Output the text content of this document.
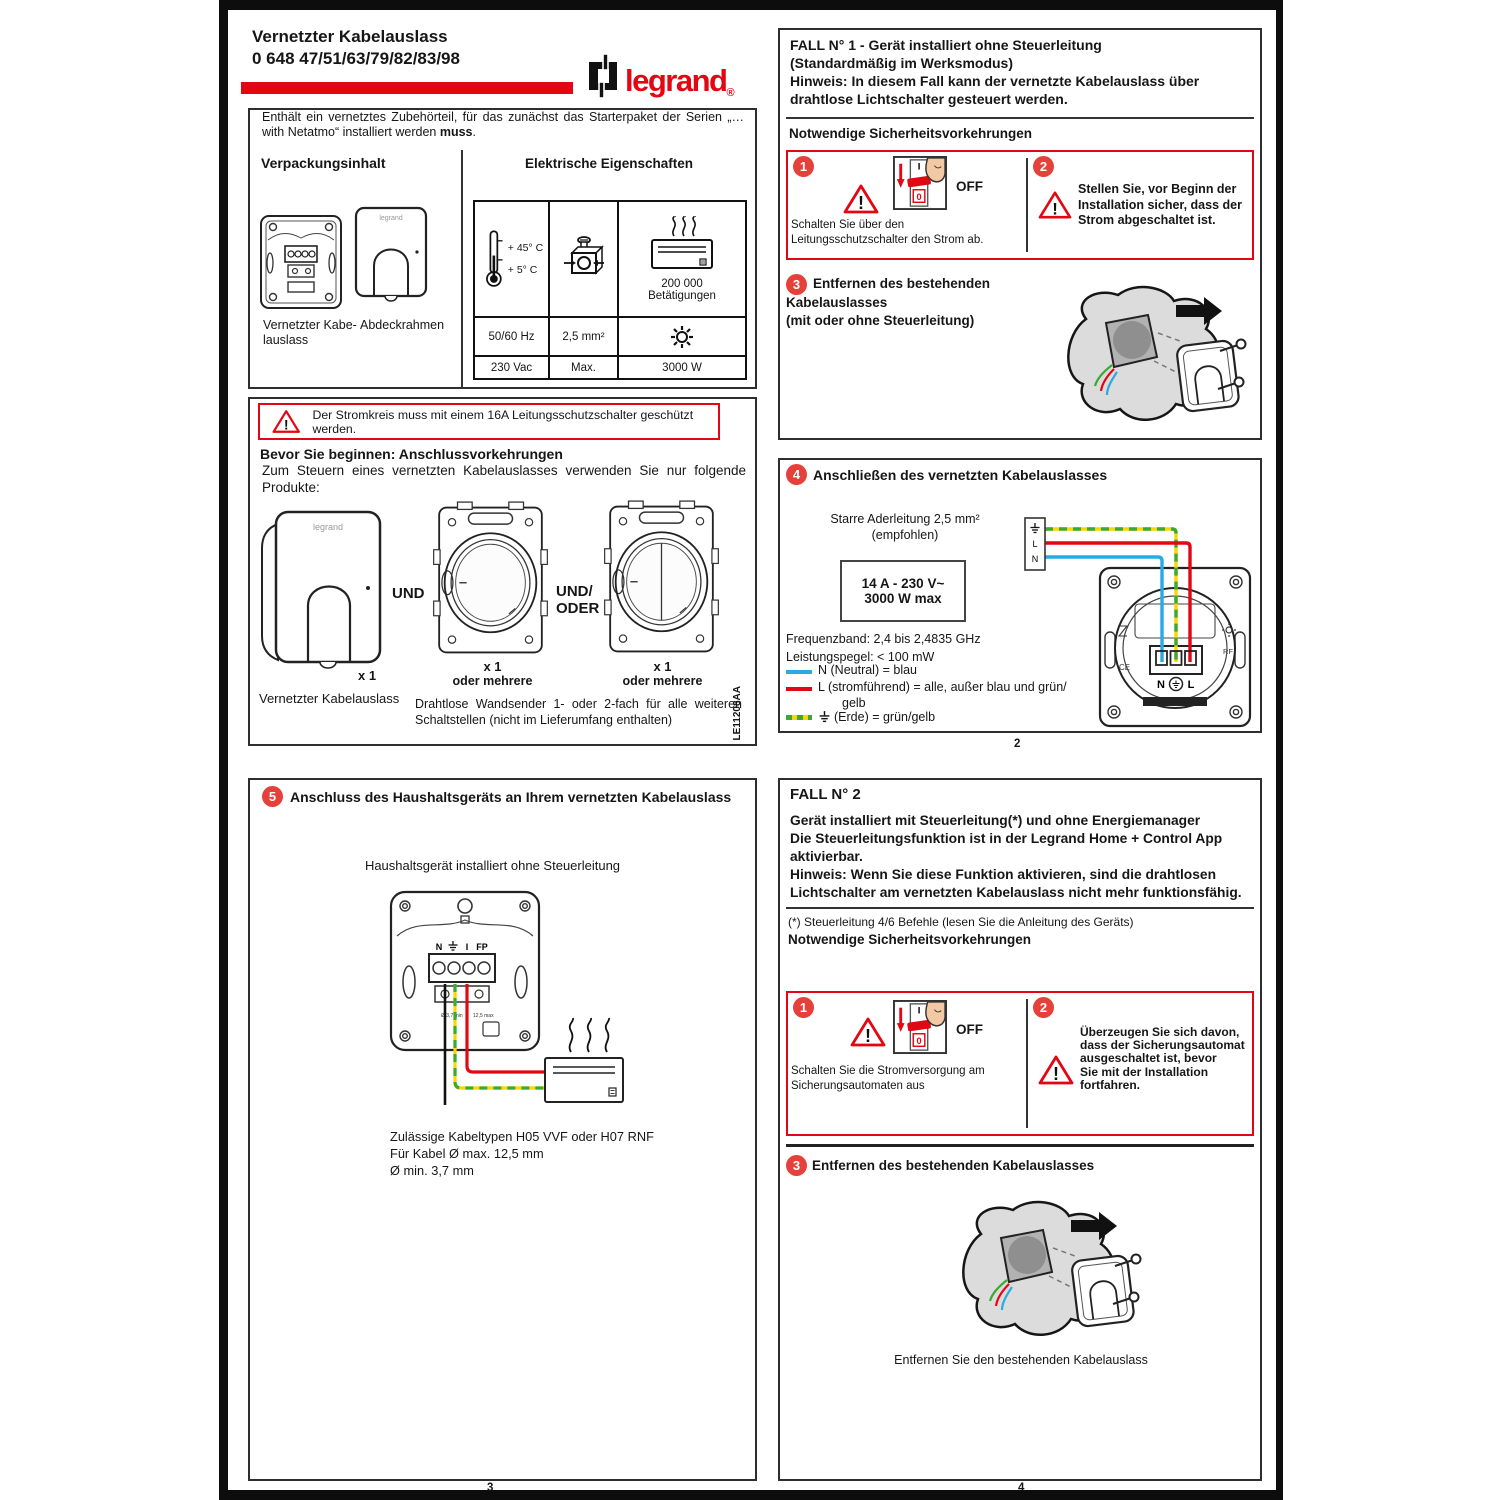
Vernetzter Kabelauslass
0 648 47/51/63/79/82/83/98
legrand ®

Enthält ein vernetztes Zubehörteil, für das zunächst das Starterpaket der Serien „… with Netatmo“ installiert werden muss.

Verpackungsinhalt	Elektrische Eigenschaften
+ 45° C
+ 5° C
200 000
Betätigungen
50/60 Hz	2,5 mm²
230 Vac	Max.	3000 W
legrand
Vernetzter Kabe-
lauslass
Abdeckrahmen
!
Der Stromkreis muss mit einem 16A Leitungsschutzschalter geschützt werden.
Bevor Sie beginnen: Anschlussvorkehrungen
Zum Steuern eines vernetzten Kabelauslasses verwenden Sie nur folgende Produkte:
legrand
UND	UND/
ODER
x 1
Vernetzter Kabelauslass
x 1
oder mehrere
x 1
oder mehrere
Drahtlose Wandsender 1- oder 2-fach für alle weiteren Schaltstellen (nicht im Lieferumfang enthalten)	LE11208AA
5 Anschluss des Haushaltsgeräts an Ihrem vernetzten Kabelauslass
Haushaltsgerät installiert ohne Steuerleitung
N	I FP
Ø 3,7 min 12,5 max
Zulässige Kabeltypen H05 VVF oder H07 RNF
Für Kabel Ø max. 12,5 mm
Ø min. 3,7 mm
3
FALL N° 1 - Gerät installiert ohne Steuerleitung
(Standardmäßig im Werksmodus)
Hinweis: In diesem Fall kann der vernetzte Kabelauslass über
drahtlose Lichtschalter gesteuert werden.
Notwendige Sicherheitsvorkehrungen
1
!
I
0
OFF
Schalten Sie über den
Leitungsschutzschalter den Strom ab.
2
!
Stellen Sie, vor Beginn der
Installation sicher, dass der
Strom abgeschaltet ist.
3 Entfernen des bestehenden
Kabelauslasses
(mit oder ohne Steuerleitung)
4 Anschließen des vernetzten Kabelauslasses
Starre Aderleitung 2,5 mm²
(empfohlen)
14 A - 230 V~
3000 W max
Frequenzband: 2,4 bis 2,4835 GHz
Leistungspegel: < 100 mW
N (Neutral) = blau
L (stromführend) = alle, außer blau und grün/
gelb
(Erde) = grün/gelb
CE
RF
N L
L
N
2
FALL N° 2
Gerät installiert mit Steuerleitung(*) und ohne Energiemanager
Die Steuerleitungsfunktion ist in der Legrand Home + Control App
aktivierbar.
Hinweis: Wenn Sie diese Funktion aktivieren, sind die drahtlosen
Lichtschalter am vernetzten Kabelauslass nicht mehr funktionsfähig.
(*) Steuerleitung 4/6 Befehle (lesen Sie die Anleitung des Geräts)
Notwendige Sicherheitsvorkehrungen
1
!
I
0
OFF
Schalten Sie die Stromversorgung am
Sicherungsautomaten aus
2
!
Überzeugen Sie sich davon,
dass der Sicherungsautomat
ausgeschaltet ist, bevor
Sie mit der Installation
fortfahren.
3 Entfernen des bestehenden Kabelauslasses
Entfernen Sie den bestehenden Kabelauslass
4
